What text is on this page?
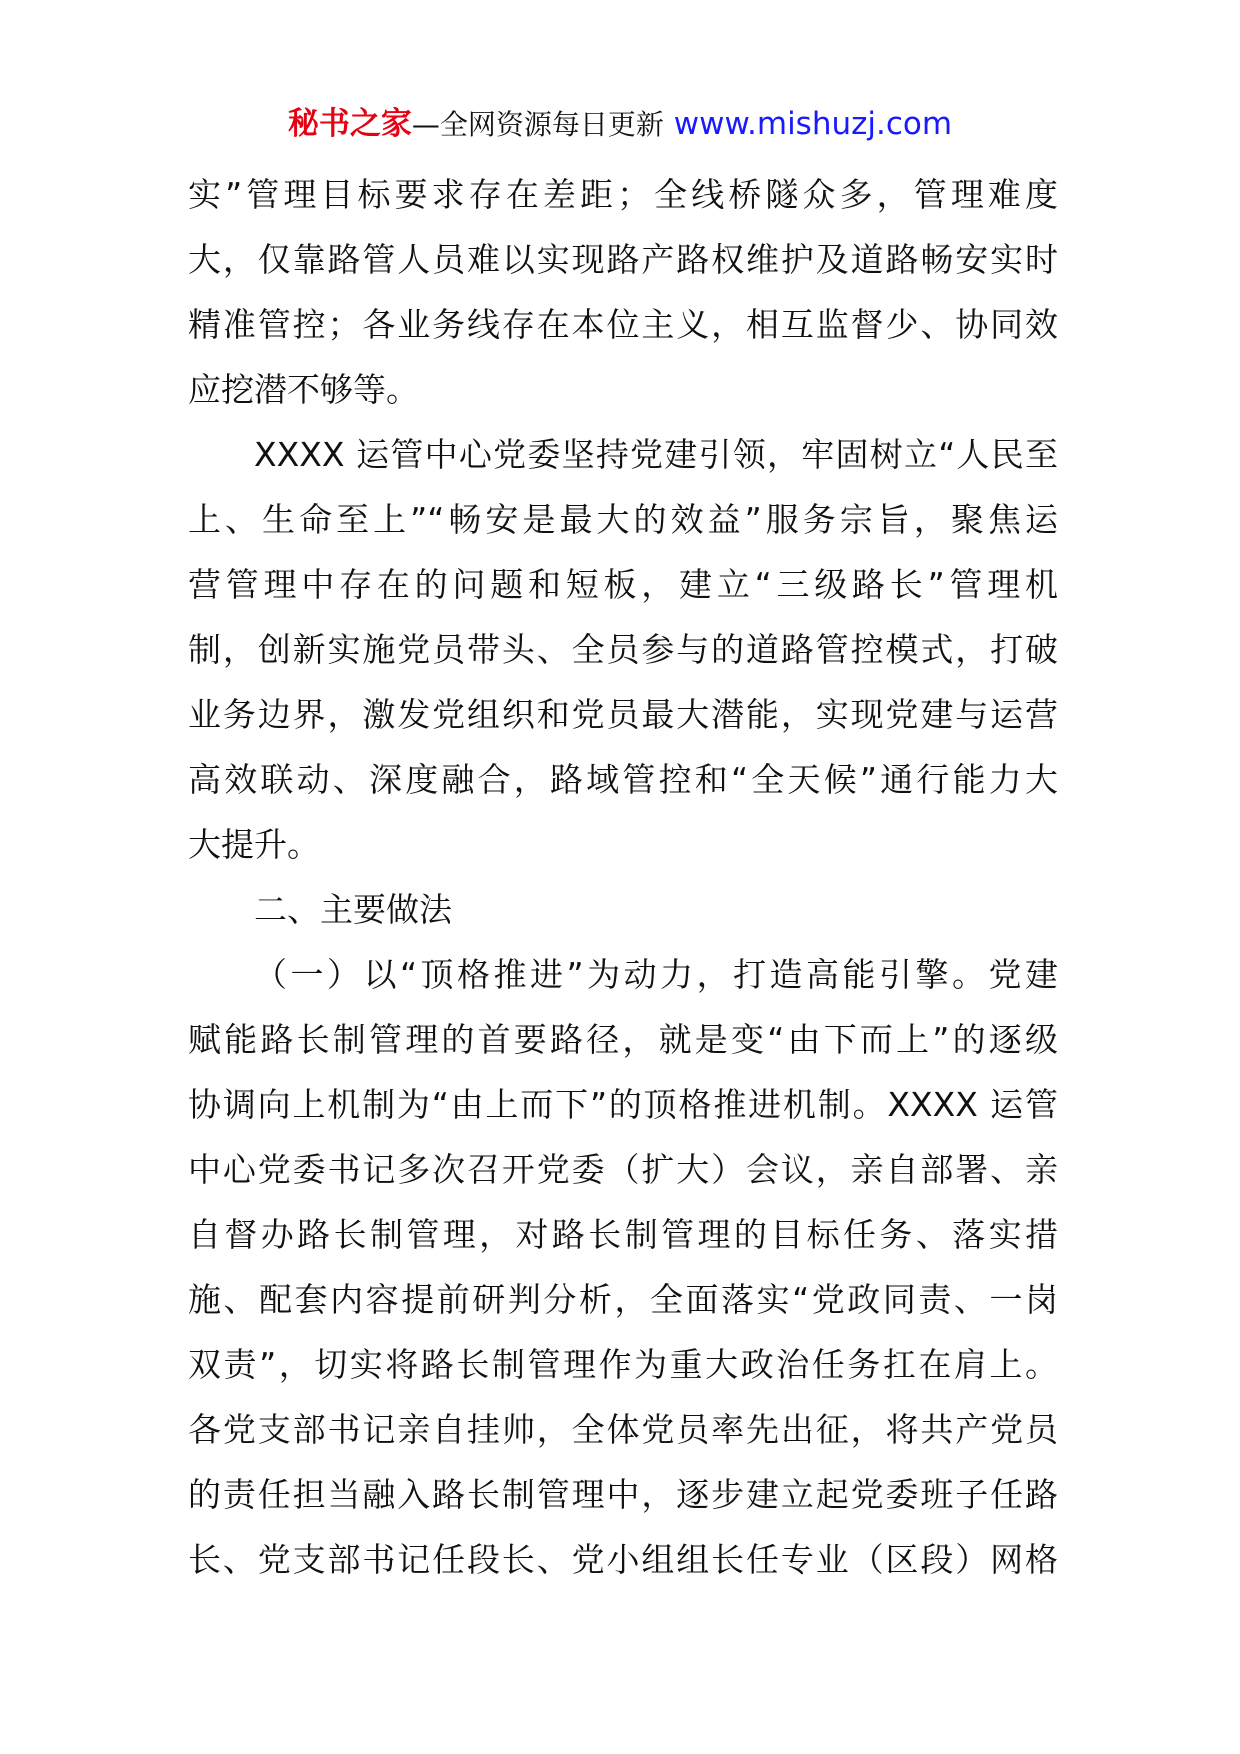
秘书之家—全网资源每日更新 www.mishuzj.com
实”管理目标要求存在差距；全线桥隧众多，管理难度
大，仅靠路管人员难以实现路产路权维护及道路畅安实时
精准管控；各业务线存在本位主义，相互监督少、协同效
应挖潜不够等。
XXXX 运管中心党委坚持党建引领，牢固树立“人民至
上、生命至上”“畅安是最大的效益”服务宗旨，聚焦运
营管理中存在的问题和短板，建立“三级路长”管理机
制，创新实施党员带头、全员参与的道路管控模式，打破
业务边界，激发党组织和党员最大潜能，实现党建与运营
高效联动、深度融合，路域管控和“全天候”通行能力大
大提升。
二、主要做法
（一）以“顶格推进”为动力，打造高能引擎。党建
赋能路长制管理的首要路径，就是变“由下而上”的逐级
协调向上机制为“由上而下”的顶格推进机制。XXXX 运管
中心党委书记多次召开党委（扩大）会议，亲自部署、亲
自督办路长制管理，对路长制管理的目标任务、落实措
施、配套内容提前研判分析，全面落实“党政同责、一岗
双责”，切实将路长制管理作为重大政治任务扛在肩上。
各党支部书记亲自挂帅，全体党员率先出征，将共产党员
的责任担当融入路长制管理中，逐步建立起党委班子任路
长、党支部书记任段长、党小组组长任专业（区段）网格
